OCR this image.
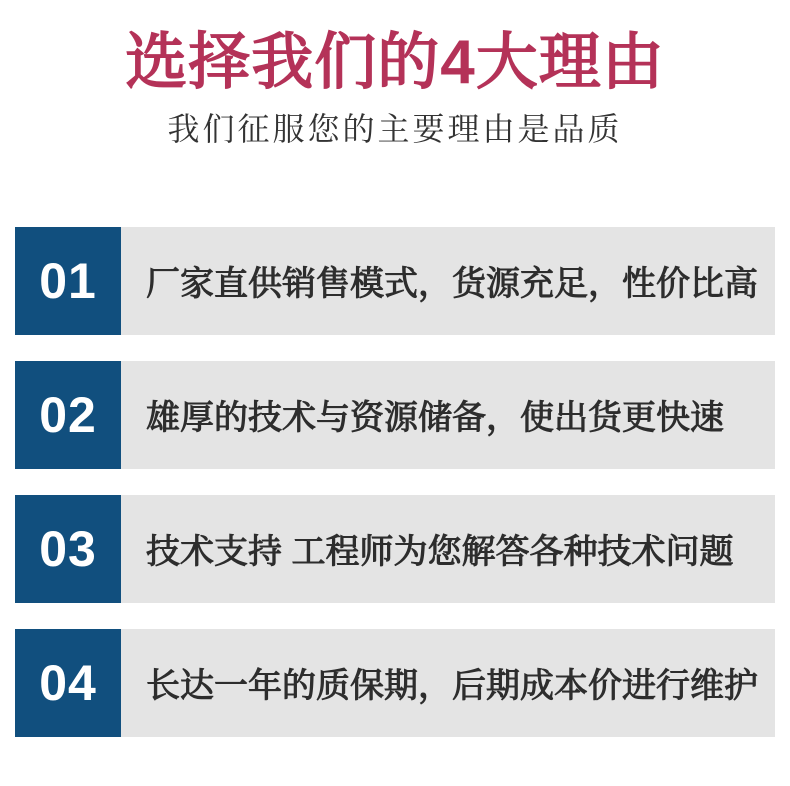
选择我们的4大理由
我们征服您的主要理由是品质
01	厂家直供销售模式，货源充足，性价比高
02	雄厚的技术与资源储备，使出货更快速
03	技术支持 工程师为您解答各种技术问题
04	长达一年的质保期，后期成本价进行维护
